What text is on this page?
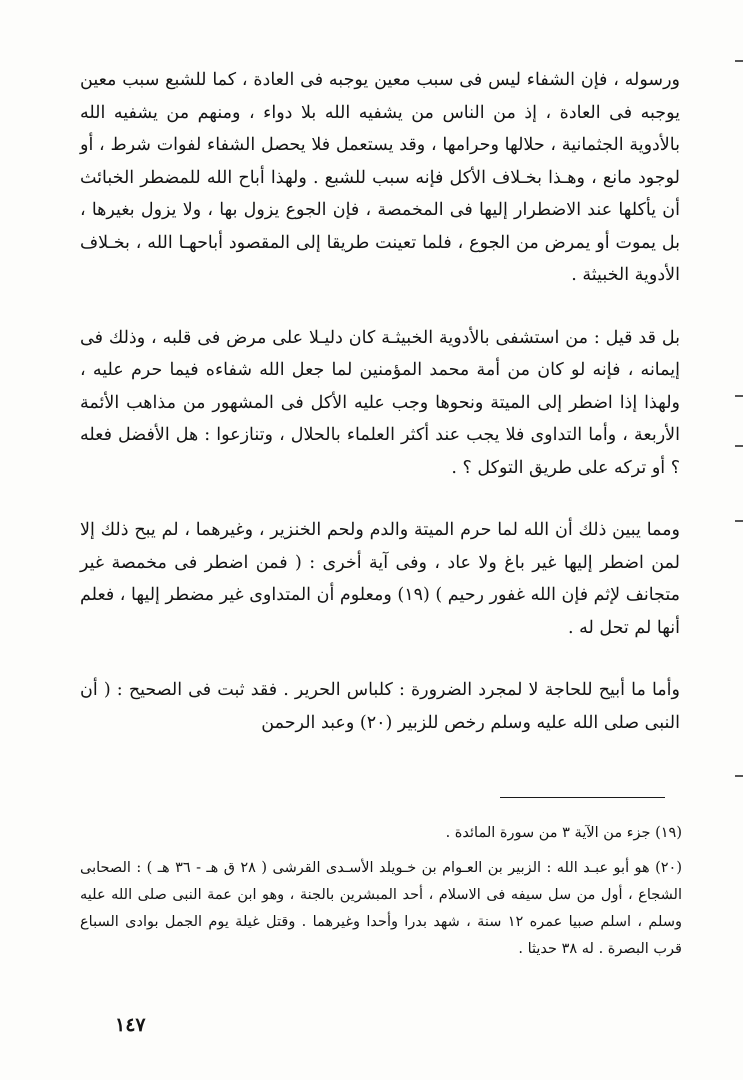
ورسوله ، فإن الشفاء ليس فى سبب معين يوجبه فى العادة ، كما للشبع سبب معين يوجبه فى العادة ، إذ من الناس من يشفيه الله بلا دواء ، ومنهم من يشفيه الله بالأدوية الجثمانية ، حلالها وحرامها ، وقد يستعمل فلا يحصل الشفاء لفوات شرط ، أو لوجود مانع ، وهـذا بخـلاف الأكل فإنه سبب للشبع . ولهذا أباح الله للمضطر الخبائث أن يأكلها عند الاضطرار إليها فى المخمصة ، فإن الجوع يزول بها ، ولا يزول بغيرها ، بل يموت أو يمرض من الجوع ، فلما تعينت طريقا إلى المقصود أباحهـا الله ، بخـلاف الأدوية الخبيثة .

بل قد قيل : من استشفى بالأدوية الخبيثـة كان دليـلا على مرض فى قلبه ، وذلك فى إيمانه ، فإنه لو كان من أمة محمد المؤمنين لما جعل الله شفاءه فيما حرم عليه ، ولهذا إذا اضطر إلى الميتة ونحوها وجب عليه الأكل فى المشهور من مذاهب الأئمة الأربعة ، وأما التداوى فلا يجب عند أكثر العلماء بالحلال ، وتنازعوا : هل الأفضل فعله ؟ أو تركه على طريق التوكل ؟ .

ومما يبين ذلك أن الله لما حرم الميتة والدم ولحم الخنزير ، وغيرهما ، لم يبح ذلك إلا لمن اضطر إليها غير باغ ولا عاد ، وفى آية أخرى : ( فمن اضطر فى مخمصة غير متجانف لإثم فإن الله غفور رحيم ) (١٩) ومعلوم أن المتداوى غير مضطر إليها ، فعلم أنها لم تحل له .

وأما ما أبيح للحاجة لا لمجرد الضرورة : كلباس الحرير . فقد ثبت فى الصحيح : ( أن النبى صلى الله عليه وسلم رخص للزبير (٢٠) وعبد الرحمن

(١٩) جزء من الآية ٣ من سورة المائدة .

(٢٠) هو أبو عبـد الله : الزبير بن العـوام بن خـويلد الأسـدى القرشى ( ٢٨ ق هـ - ٣٦ هـ ) : الصحابى الشجاع ، أول من سل سيفه فى الاسلام ، أحد المبشرين بالجنة ، وهو ابن عمة النبى صلى الله عليه وسلم ، اسلم صبيا عمره ١٢ سنة ، شهد بدرا وأحدا وغيرهما . وقتل غيلة يوم الجمل بوادى السباع قرب البصرة . له ٣٨ حديثا .

١٤٧
